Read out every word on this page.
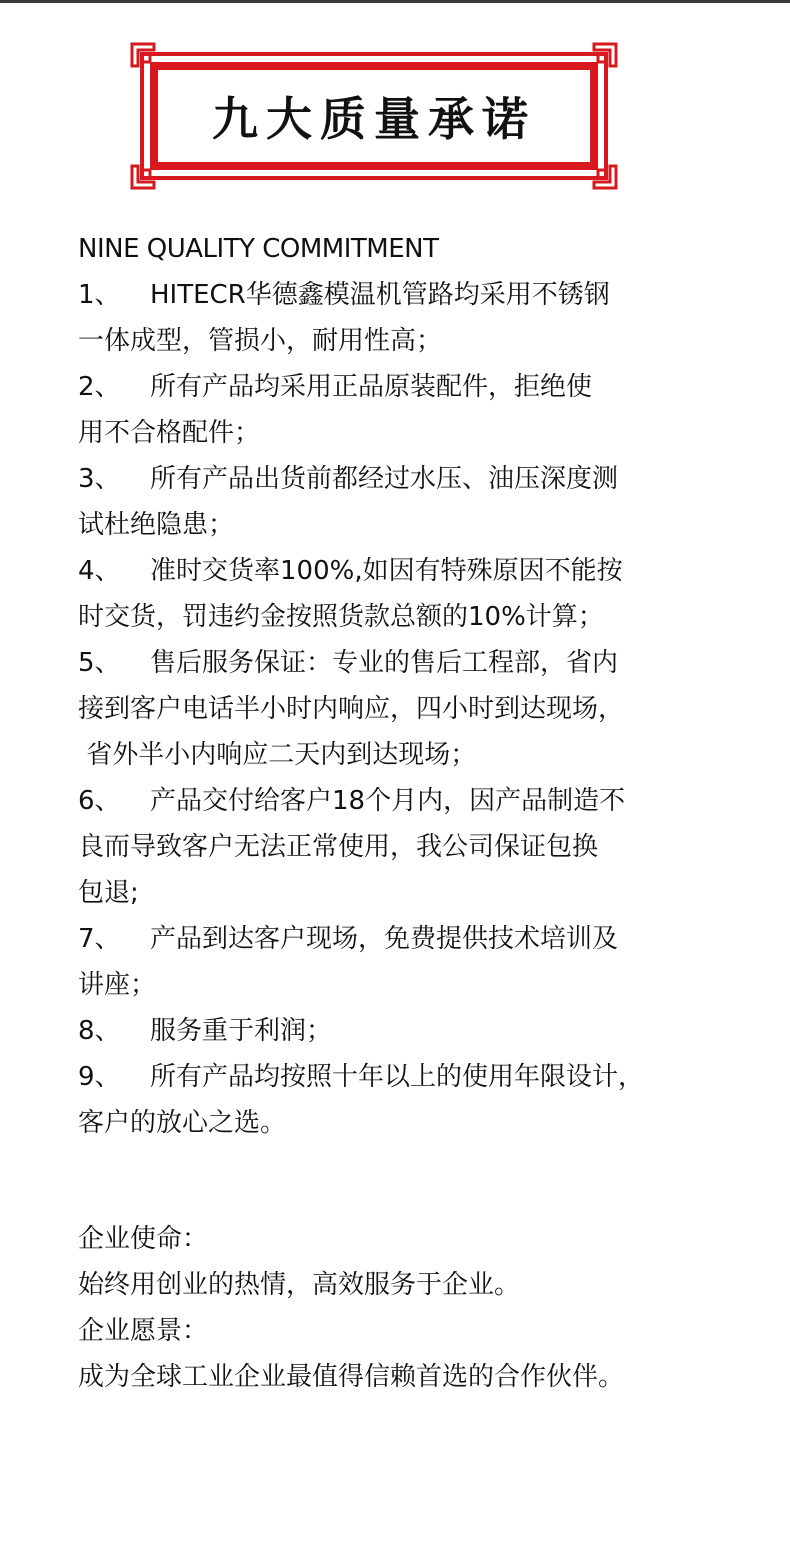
九大质量承诺
NINE QUALITY COMMITMENT
1、 HITECR华德鑫模温机管路均采用不锈钢
一体成型，管损小，耐用性高；
2、 所有产品均采用正品原装配件，拒绝使
用不合格配件；
3、 所有产品出货前都经过水压、油压深度测
试杜绝隐患；
4、 准时交货率100%,如因有特殊原因不能按
时交货，罚违约金按照货款总额的10%计算；
5、 售后服务保证：专业的售后工程部，省内
接到客户电话半小时内响应，四小时到达现场，
省外半小内响应二天内到达现场；
6、 产品交付给客户18个月内，因产品制造不
良而导致客户无法正常使用，我公司保证包换
包退;
7、 产品到达客户现场，免费提供技术培训及
讲座；
8、 服务重于利润；
9、 所有产品均按照十年以上的使用年限设计，
客户的放心之选。
企业使命：
始终用创业的热情，高效服务于企业。
企业愿景：
成为全球工业企业最值得信赖首选的合作伙伴。
